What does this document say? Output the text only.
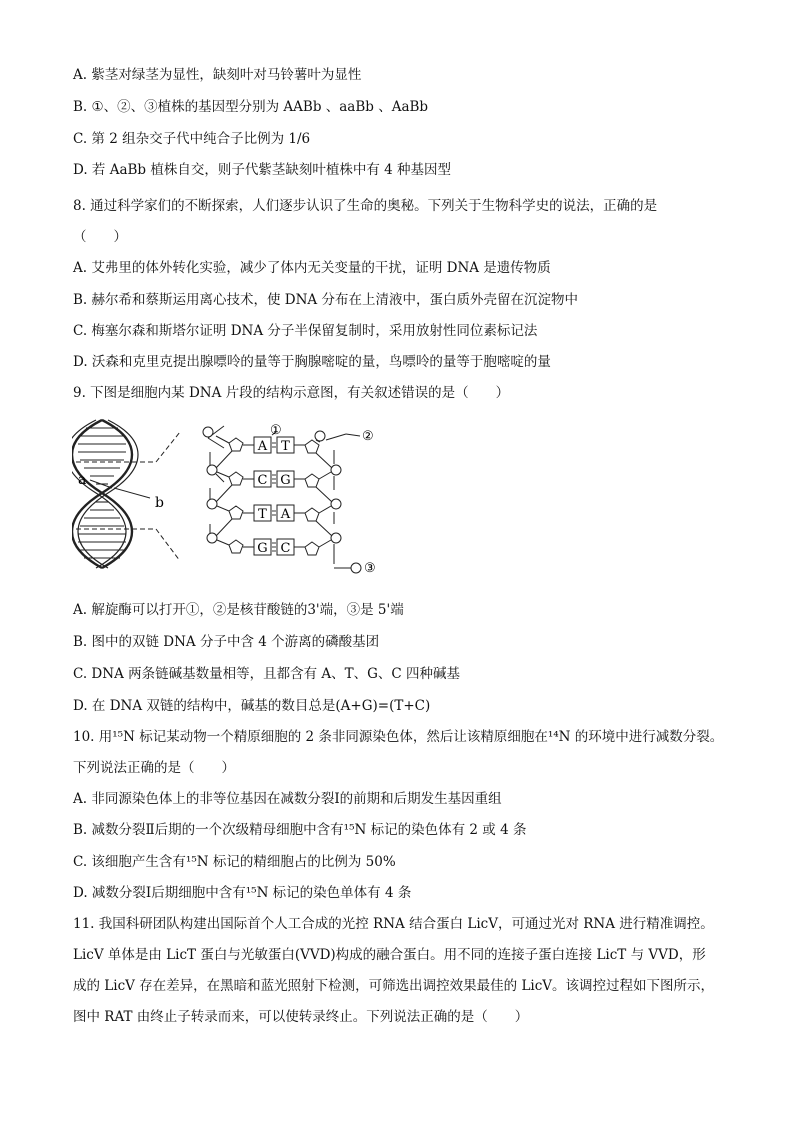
A. 紫茎对绿茎为显性，缺刻叶对马铃薯叶为显性
B. ①、②、③植株的基因型分别为 AABb 、aaBb 、AaBb
C. 第 2 组杂交子代中纯合子比例为 1/6
D. 若 AaBb 植株自交，则子代紫茎缺刻叶植株中有 4 种基因型
8. 通过科学家们的不断探索，人们逐步认识了生命的奥秘。下列关于生物科学史的说法，正确的是
（　　）
A. 艾弗里的体外转化实验，减少了体内无关变量的干扰，证明 DNA 是遗传物质
B. 赫尔希和蔡斯运用离心技术，使 DNA 分布在上清液中，蛋白质外壳留在沉淀物中
C. 梅塞尔森和斯塔尔证明 DNA 分子半保留复制时，采用放射性同位素标记法
D. 沃森和克里克提出腺嘌呤的量等于胸腺嘧啶的量，鸟嘌呤的量等于胞嘧啶的量
9. 下图是细胞内某 DNA 片段的结构示意图，有关叙述错误的是（　　）
a
b
A T
C G
T A
G C
①	②
③
A. 解旋酶可以打开①，②是核苷酸链的3'端，③是 5'端
B. 图中的双链 DNA 分子中含 4 个游离的磷酸基团
C. DNA 两条链碱基数量相等，且都含有 A、T、G、C 四种碱基
D. 在 DNA 双链的结构中，碱基的数目总是(A+G)=(T+C)
10. 用¹⁵N 标记某动物一个精原细胞的 2 条非同源染色体，然后让该精原细胞在¹⁴N 的环境中进行减数分裂。
下列说法正确的是（　　）
A. 非同源染色体上的非等位基因在减数分裂Ⅰ的前期和后期发生基因重组
B. 减数分裂Ⅱ后期的一个次级精母细胞中含有¹⁵N 标记的染色体有 2 或 4 条
C. 该细胞产生含有¹⁵N 标记的精细胞占的比例为 50%
D. 减数分裂Ⅰ后期细胞中含有¹⁵N 标记的染色单体有 4 条
11. 我国科研团队构建出国际首个人工合成的光控 RNA 结合蛋白 LicV，可通过光对 RNA 进行精准调控。
LicV 单体是由 LicT 蛋白与光敏蛋白(VVD)构成的融合蛋白。用不同的连接子蛋白连接 LicT 与 VVD，形
成的 LicV 存在差异，在黑暗和蓝光照射下检测，可筛选出调控效果最佳的 LicV。该调控过程如下图所示，
图中 RAT 由终止子转录而来，可以使转录终止。下列说法正确的是（　　）
